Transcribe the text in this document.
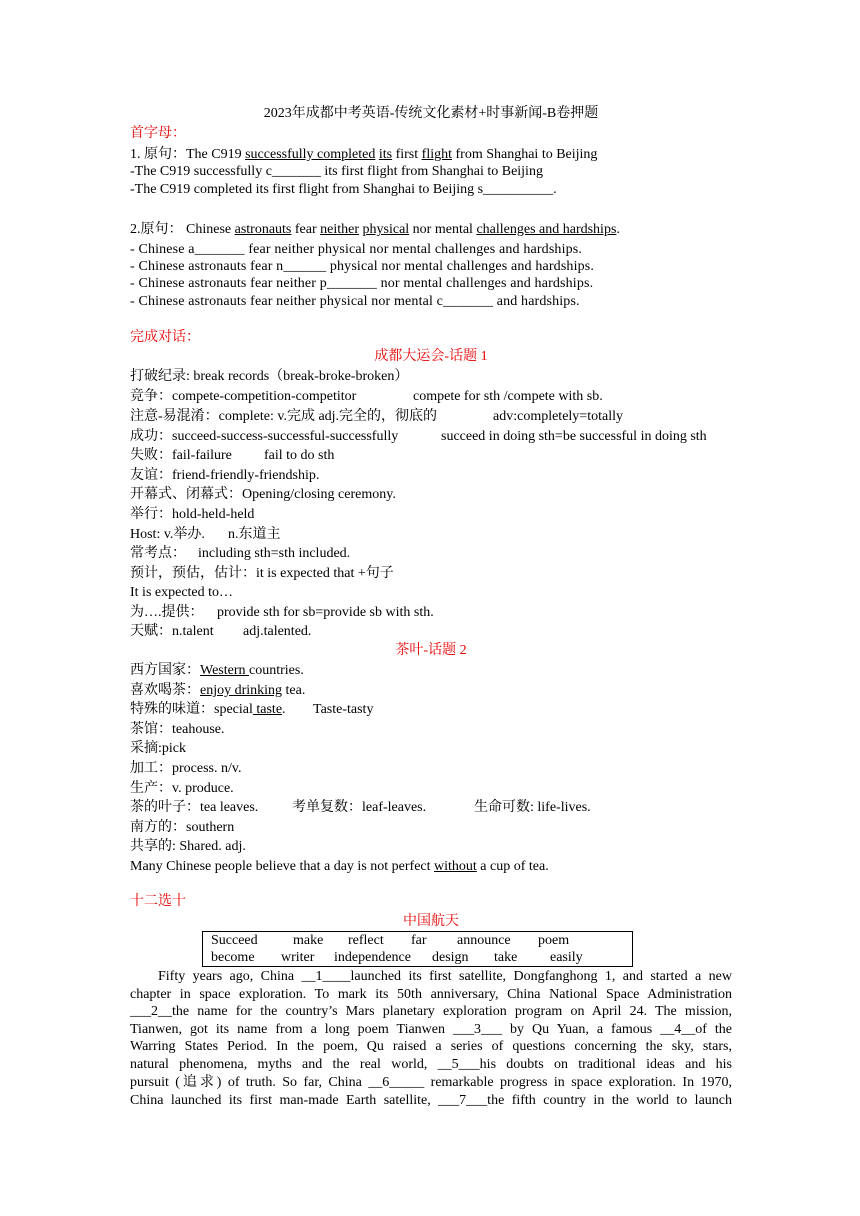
2023年成都中考英语-传统文化素材+时事新闻-B卷押题
首字母：
1. 原句：The C919 successfully completed its first flight from Shanghai to Beijing
-The C919 successfully c_______ its first flight from Shanghai to Beijing
-The C919 completed its first flight from Shanghai to Beijing s__________.
2.原句： Chinese astronauts fear neither physical nor mental challenges and hardships.
- Chinese a_______ fear neither physical nor mental challenges and hardships.
- Chinese astronauts fear n______ physical nor mental challenges and hardships.
- Chinese astronauts fear neither p_______ nor mental challenges and hardships.
- Chinese astronauts fear neither physical nor mental c_______ and hardships.
完成对话：
成都大运会-话题 1
打破纪录: break records（break-broke-broken）
竞争：compete-competition-competitor	compete for sth /compete with sb.
注意-易混淆：complete: v.完成 adj.完全的，彻底的	adv:completely=totally
成功：succeed-success-successful-successfully	succeed in doing sth=be successful in doing sth
失败：fail-failure fail to do sth
友谊：friend-friendly-friendship.
开幕式、闭幕式：Opening/closing ceremony.
举行：hold-held-held
Host: v.举办. n.东道主
常考点： including sth=sth included.
预计，预估，估计：it is expected that +句子
It is expected to…
为….提供： provide sth for sb=provide sb with sth.
天赋：n.talent adj.talented.
茶叶-话题 2
西方国家：Western countries.
喜欢喝茶：enjoy drinking tea.
特殊的味道：special taste. Taste-tasty
茶馆：teahouse.
采摘:pick
加工：process. n/v.
生产：v. produce.
茶的叶子：tea leaves. 考单复数：leaf-leaves.	生命可数: life-lives.
南方的：southern
共享的: Shared. adj.
Many Chinese people believe that a day is not perfect without a cup of tea.
十二选十
中国航天
Succeed	make reflect far announce poem
become writer independence design take easily
Fifty years ago, China __1____launched its first satellite, Dongfanghong 1, and started a new
chapter in space exploration. To mark its 50th anniversary, China National Space Administration
___2__the name for the country’s Mars planetary exploration program on April 24. The mission,
Tianwen, got its name from a long poem Tianwen ___3___ by Qu Yuan, a famous __4__of the
Warring States Period. In the poem, Qu raised a series of questions concerning the sky, stars,
natural phenomena, myths and the real world, __5___his doubts on traditional ideas and his
pursuit (追求) of truth. So far, China __6_____ remarkable progress in space exploration. In 1970,
China launched its first man-made Earth satellite, ___7___the fifth country in the world to launch
